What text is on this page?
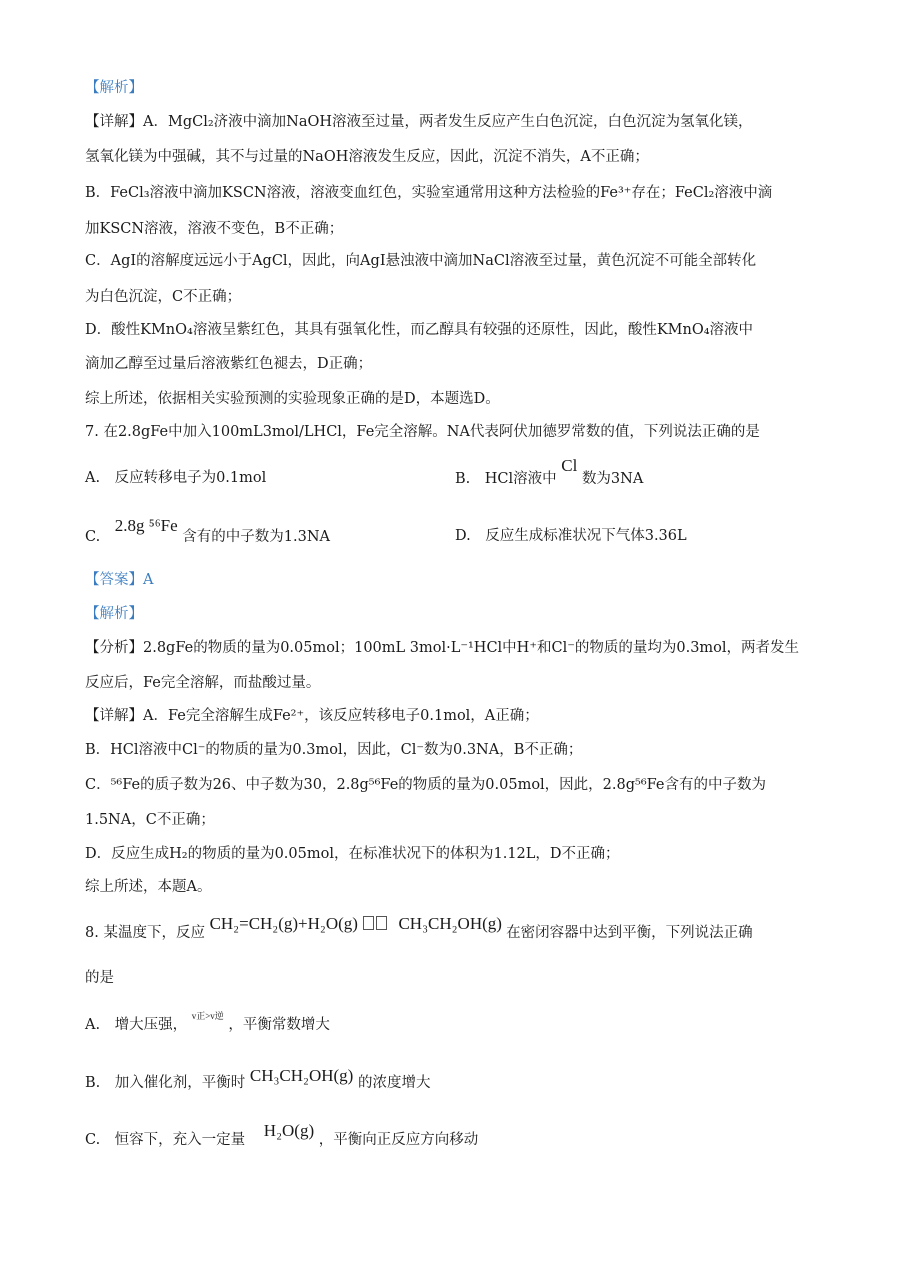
【解析】
【详解】A．MgCl₂济液中滴加NaOH溶液至过量，两者发生反应产生白色沉淀，白色沉淀为氢氧化镁，
氢氧化镁为中强碱，其不与过量的NaOH溶液发生反应，因此，沉淀不消失，A不正确；
B．FeCl₃溶液中滴加KSCN溶液，溶液变血红色，实验室通常用这种方法检验的Fe³⁺存在；FeCl₂溶液中滴
加KSCN溶液，溶液不变色，B不正确；
C．AgI的溶解度远远小于AgCl，因此，向AgI悬浊液中滴加NaCl溶液至过量，黄色沉淀不可能全部转化
为白色沉淀，C不正确；
D．酸性KMnO₄溶液呈紫红色，其具有强氧化性，而乙醇具有较强的还原性，因此，酸性KMnO₄溶液中
滴加乙醇至过量后溶液紫红色褪去，D正确；
综上所述，依据相关实验预测的实验现象正确的是D，本题选D。
7. 在2.8gFe中加入100mL3mol/LHCl，Fe完全溶解。NA代表阿伏加德罗常数的值，下列说法正确的是
A.　反应转移电子为0.1mol	B.　HCl溶液中 Cl 数为3NA
C. 2.8g ⁵⁶Fe 含有的中子数为1.3NA	D.　反应生成标准状况下气体3.36L
【答案】A
【解析】
【分析】2.8gFe的物质的量为0.05mol；100mL 3mol·L⁻¹HCl中H⁺和Cl⁻的物质的量均为0.3mol，两者发生
反应后，Fe完全溶解，而盐酸过量。
【详解】A．Fe完全溶解生成Fe²⁺，该反应转移电子0.1mol，A正确；
B．HCl溶液中Cl⁻的物质的量为0.3mol，因此，Cl⁻数为0.3NA，B不正确；
C．⁵⁶Fe的质子数为26、中子数为30，2.8g⁵⁶Fe的物质的量为0.05mol，因此，2.8g⁵⁶Fe含有的中子数为
1.5NA，C不正确；
D．反应生成H₂的物质的量为0.05mol，在标准状况下的体积为1.12L，D不正确；
综上所述，本题A。
8. 某温度下，反应 CH₂=CH₂(g)+H₂O(g) CH₃CH₂OH(g) 在密闭容器中达到平衡，下列说法正确
的是
A.　增大压强， $^{v正>v逆}$ ，平衡常数增大
B.　加入催化剂，平衡时 CH₃CH₂OH(g) 的浓度增大
C.　恒容下，充入一定量 H₂O(g) ，平衡向正反应方向移动
